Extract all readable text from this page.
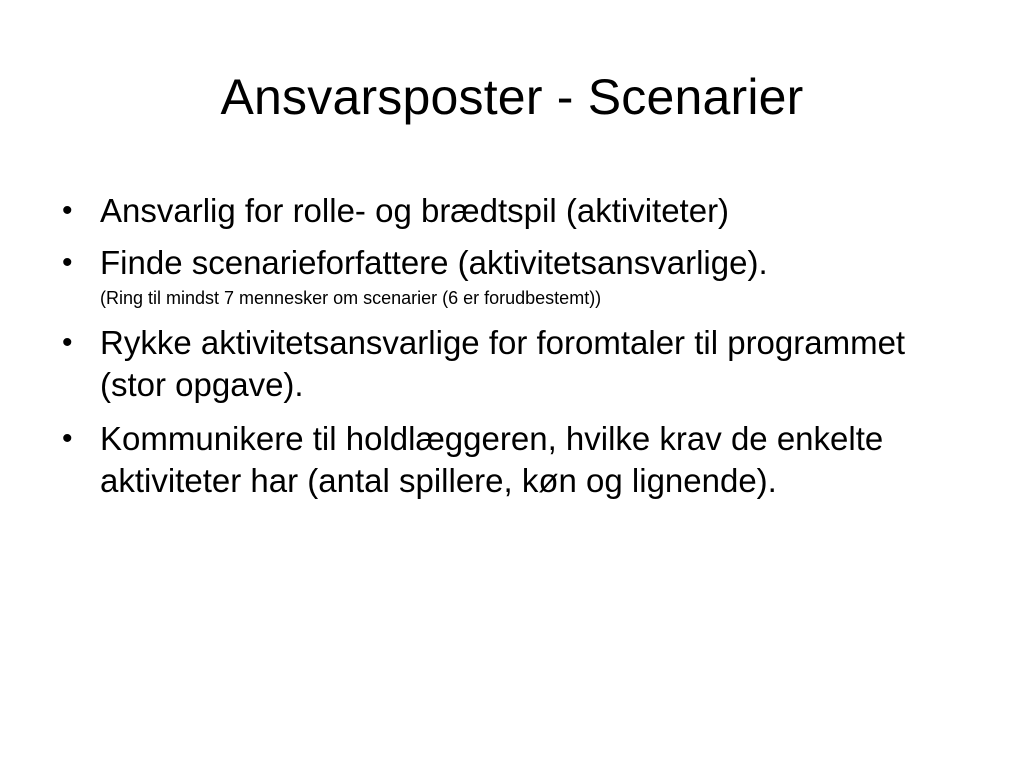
Ansvarsposter - Scenarier
• Ansvarlig for rolle- og brædtspil (aktiviteter)
• Finde scenarieforfattere (aktivitetsansvarlige).
(Ring til mindst 7 mennesker om scenarier (6 er forudbestemt))
• Rykke aktivitetsansvarlige for foromtaler til programmet (stor opgave).
• Kommunikere til holdlæggeren, hvilke krav de enkelte aktiviteter har (antal spillere, køn og lignende).
